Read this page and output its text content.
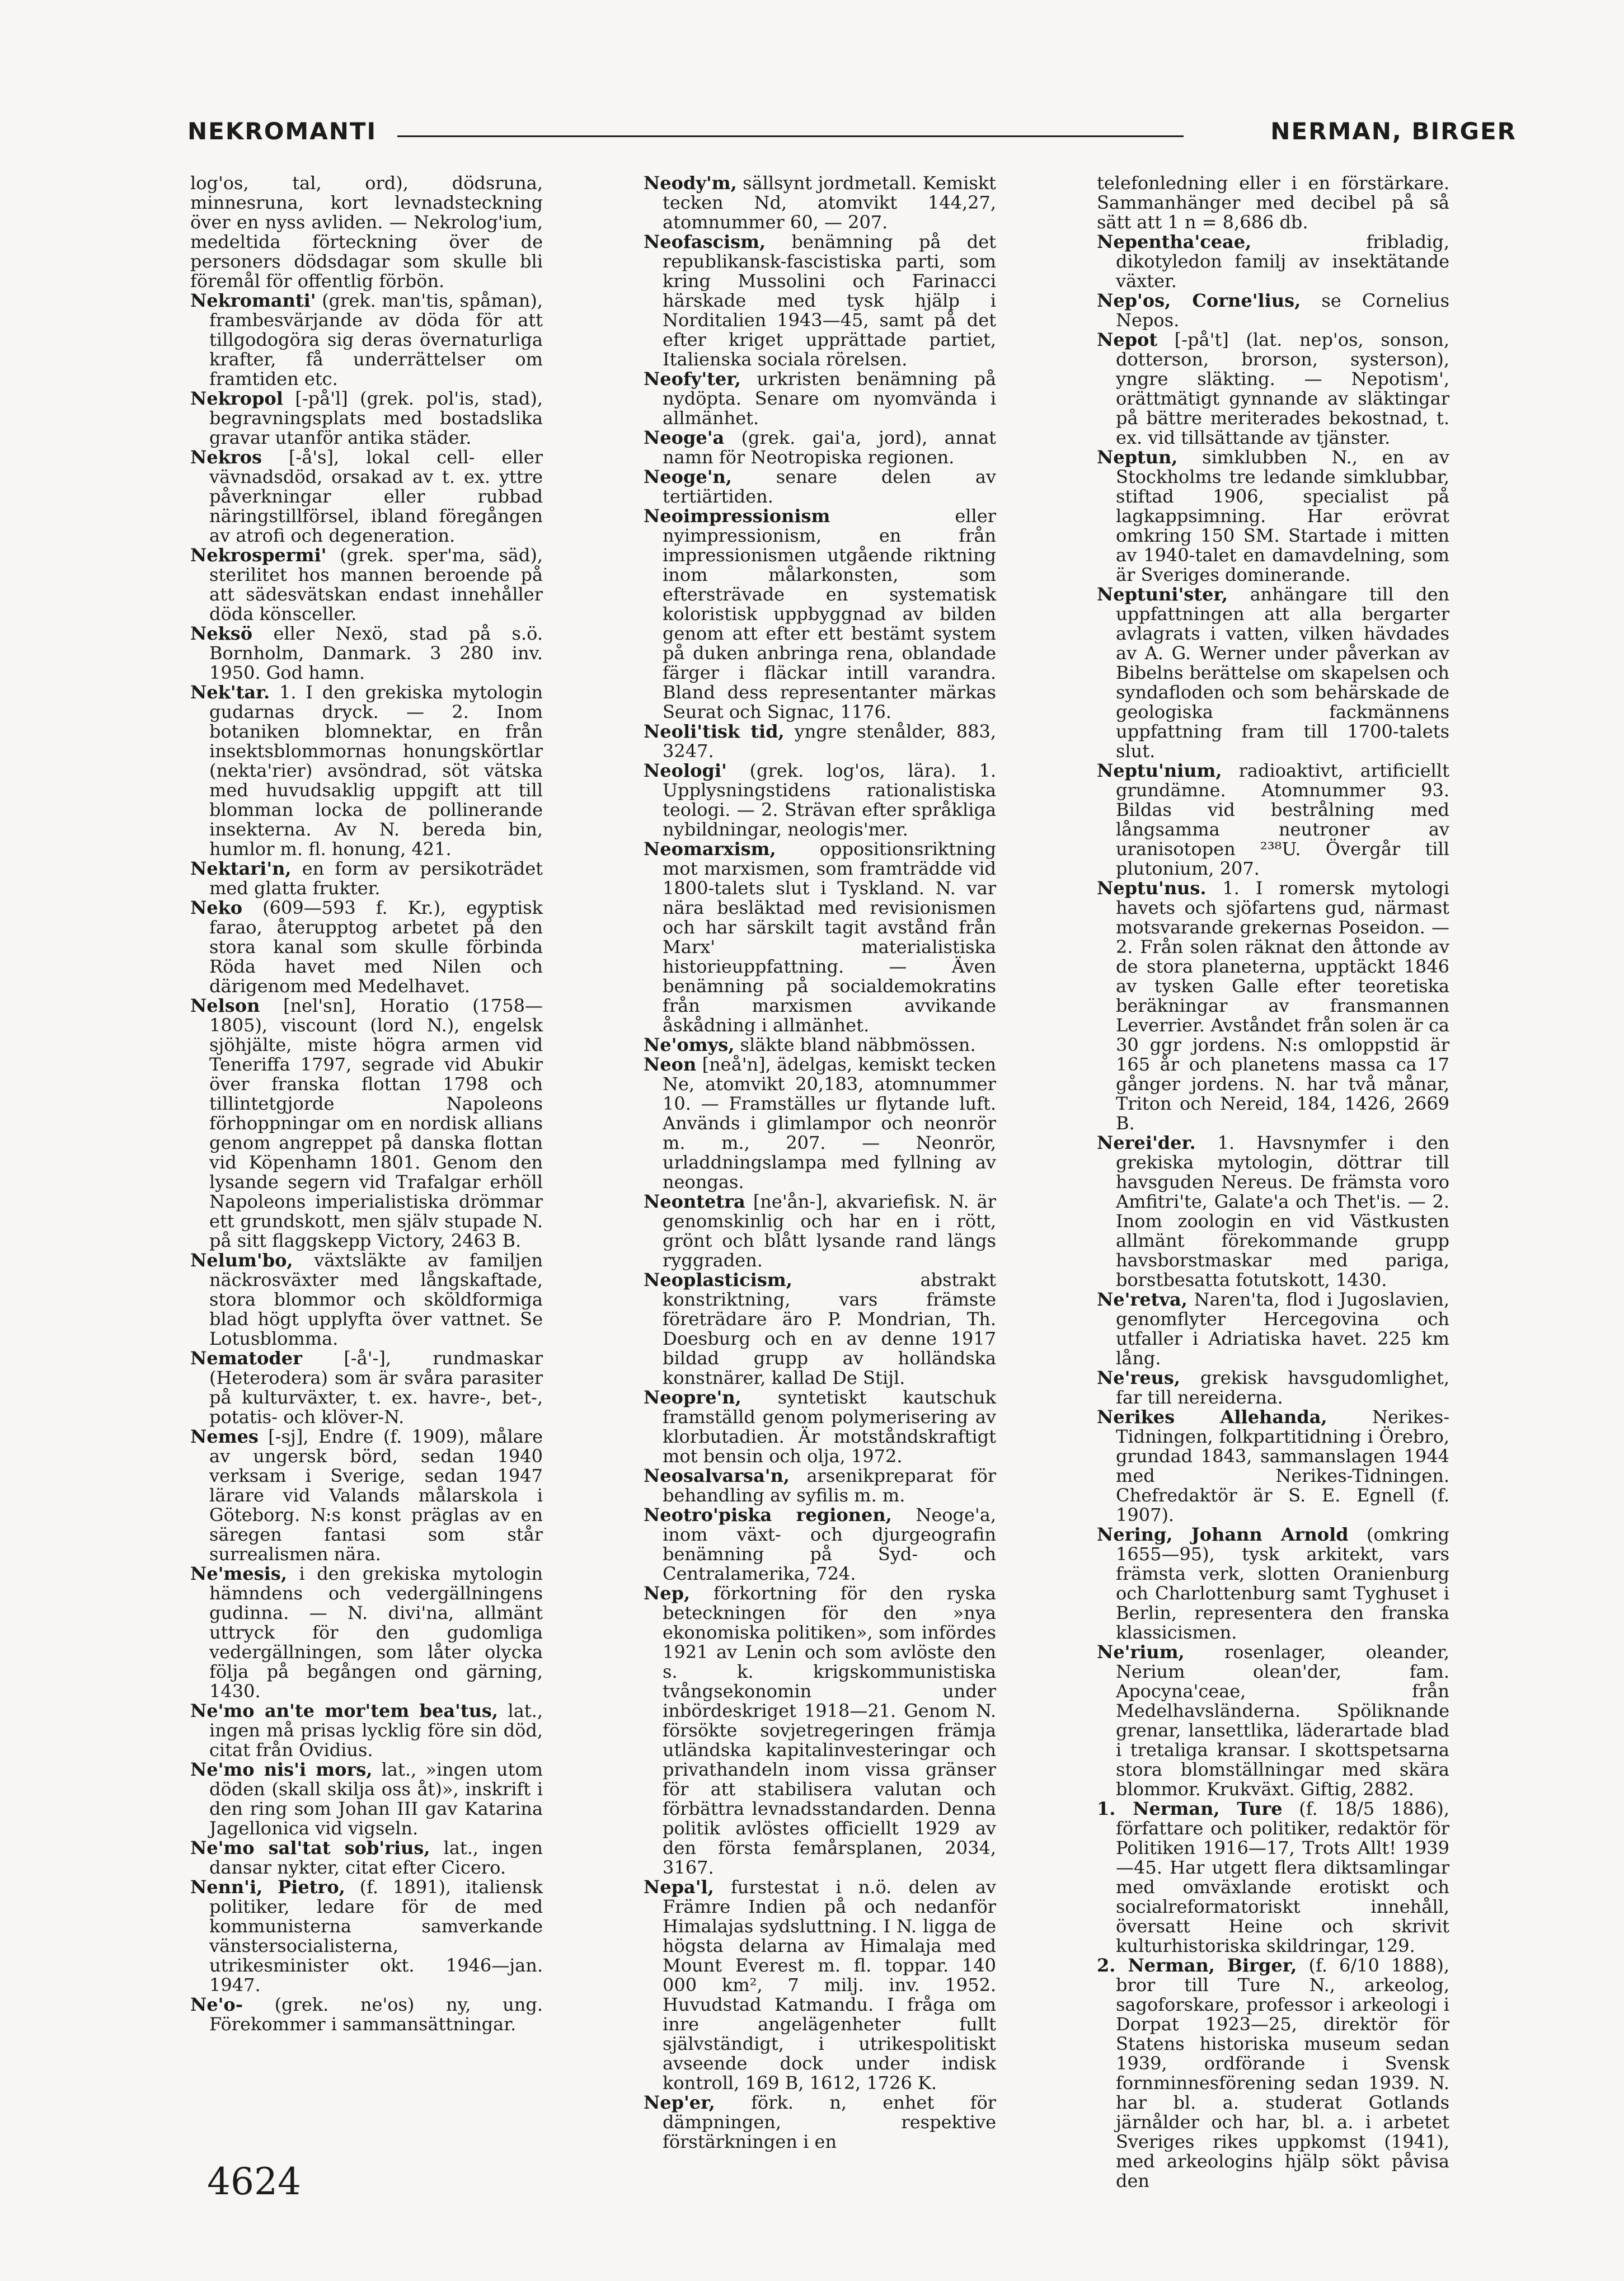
NEKROMANTI	NERMAN, BIRGER
log'os, tal, ord), dödsruna, minnesruna, kort levnadsteckning över en nyss avliden. — Nekrolog'ium, medeltida förteckning över de personers dödsdagar som skulle bli föremål för offentlig förbön.
Nekromanti' (grek. man'tis, spåman), frambesvärjande av döda för att tillgodogöra sig deras övernaturliga krafter, få underrättelser om framtiden etc.
Nekropol [-på'l] (grek. pol'is, stad), begravningsplats med bostadslika gravar utanför antika städer.
Nekros [-å's], lokal cell- eller vävnadsdöd, orsakad av t. ex. yttre påverkningar eller rubbad näringstillförsel, ibland föregången av atrofi och degeneration.
Nekrospermi' (grek. sper'ma, säd), sterilitet hos mannen beroende på att sädesvätskan endast innehåller döda könsceller.
Neksö eller Nexö, stad på s.ö. Bornholm, Danmark. 3 280 inv. 1950. God hamn.
Nek'tar. 1. I den grekiska mytologin gudarnas dryck. — 2. Inom botaniken blomnektar, en från insektsblommornas honungskörtlar (nekta'rier) avsöndrad, söt vätska med huvudsaklig uppgift att till blomman locka de pollinerande insekterna. Av N. bereda bin, humlor m. fl. honung, 421.
Nektari'n, en form av persikoträdet med glatta frukter.
Neko (609—593 f. Kr.), egyptisk farao, återupptog arbetet på den stora kanal som skulle förbinda Röda havet med Nilen och därigenom med Medelhavet.
Nelson [nel'sn], Horatio (1758—1805), viscount (lord N.), engelsk sjöhjälte, miste högra armen vid Teneriffa 1797, segrade vid Abukir över franska flottan 1798 och tillintetgjorde Napoleons förhoppningar om en nordisk allians genom angreppet på danska flottan vid Köpenhamn 1801. Genom den lysande segern vid Trafalgar erhöll Napoleons imperialistiska drömmar ett grundskott, men själv stupade N. på sitt flaggskepp Victory, 2463 B.
Nelum'bo, växtsläkte av familjen näckrosväxter med långskaftade, stora blommor och sköldformiga blad högt upplyfta över vattnet. Se Lotusblomma.
Nematoder [-å'-], rundmaskar (Heterodera) som är svåra parasiter på kulturväxter, t. ex. havre-, bet-, potatis- och klöver-N.
Nemes [-sj], Endre (f. 1909), målare av ungersk börd, sedan 1940 verksam i Sverige, sedan 1947 lärare vid Valands målarskola i Göteborg. N:s konst präglas av en säregen fantasi som står surrealismen nära.
Ne'mesis, i den grekiska mytologin hämndens och vedergällningens gudinna. — N. divi'na, allmänt uttryck för den gudomliga vedergällningen, som låter olycka följa på begången ond gärning, 1430.
Ne'mo an'te mor'tem bea'tus, lat., ingen må prisas lycklig före sin död, citat från Ovidius.
Ne'mo nis'i mors, lat., »ingen utom döden (skall skilja oss åt)», inskrift i den ring som Johan III gav Katarina Jagellonica vid vigseln.
Ne'mo sal'tat sob'rius, lat., ingen dansar nykter, citat efter Cicero.
Nenn'i, Pietro, (f. 1891), italiensk politiker, ledare för de med kommunisterna samverkande vänstersocialisterna, utrikesminister okt. 1946—jan. 1947.
Ne'o- (grek. ne'os) ny, ung. Förekommer i sammansättningar.
Neody'm, sällsynt jordmetall. Kemiskt tecken Nd, atomvikt 144,27, atomnummer 60, — 207.
Neofascism, benämning på det republikansk-fascistiska parti, som kring Mussolini och Farinacci härskade med tysk hjälp i Norditalien 1943—45, samt på det efter kriget upprättade partiet, Italienska sociala rörelsen.
Neofy'ter, urkristen benämning på nydöpta. Senare om nyomvända i allmänhet.
Neoge'a (grek. gai'a, jord), annat namn för Neotropiska regionen.
Neoge'n, senare delen av tertiärtiden.
Neoimpressionism eller nyimpressionism, en från impressionismen utgående riktning inom målarkonsten, som eftersträvade en systematisk koloristisk uppbyggnad av bilden genom att efter ett bestämt system på duken anbringa rena, oblandade färger i fläckar intill varandra. Bland dess representanter märkas Seurat och Signac, 1176.
Neoli'tisk tid, yngre stenålder, 883, 3247.
Neologi' (grek. log'os, lära). 1. Upplysningstidens rationalistiska teologi. — 2. Strävan efter språkliga nybildningar, neologis'mer.
Neomarxism, oppositionsriktning mot marxismen, som framträdde vid 1800-talets slut i Tyskland. N. var nära besläktad med revisionismen och har särskilt tagit avstånd från Marx' materialistiska historieuppfattning. — Även benämning på socialdemokratins från marxismen avvikande åskådning i allmänhet.
Ne'omys, släkte bland näbbmössen.
Neon [neå'n], ädelgas, kemiskt tecken Ne, atomvikt 20,183, atomnummer 10. — Framställes ur flytande luft. Används i glimlampor och neonrör m. m., 207. — Neonrör, urladdningslampa med fyllning av neongas.
Neontetra [ne'ån-], akvariefisk. N. är genomskinlig och har en i rött, grönt och blått lysande rand längs ryggraden.
Neoplasticism, abstrakt konstriktning, vars främste företrädare äro P. Mondrian, Th. Doesburg och en av denne 1917 bildad grupp av holländska konstnärer, kallad De Stijl.
Neopre'n, syntetiskt kautschuk framställd genom polymerisering av klorbutadien. Är motståndskraftigt mot bensin och olja, 1972.
Neosalvarsa'n, arsenikpreparat för behandling av syfilis m. m.
Neotro'piska regionen, Neoge'a, inom växt- och djurgeografin benämning på Syd- och Centralamerika, 724.
Nep, förkortning för den ryska beteckningen för den »nya ekonomiska politiken», som infördes 1921 av Lenin och som avlöste den s. k. krigskommunistiska tvångsekonomin under inbördeskriget 1918—21. Genom N. försökte sovjetregeringen främja utländska kapitalinvesteringar och privathandeln inom vissa gränser för att stabilisera valutan och förbättra levnadsstandarden. Denna politik avlöstes officiellt 1929 av den första femårsplanen, 2034, 3167.
Nepa'l, furstestat i n.ö. delen av Främre Indien på och nedanför Himalajas sydsluttning. I N. ligga de högsta delarna av Himalaja med Mount Everest m. fl. toppar. 140 000 km², 7 milj. inv. 1952. Huvudstad Katmandu. I fråga om inre angelägenheter fullt självständigt, i utrikespolitiskt avseende dock under indisk kontroll, 169 B, 1612, 1726 K.
Nep'er, förk. n, enhet för dämpningen, respektive förstärkningen i en
telefonledning eller i en förstärkare. Sammanhänger med decibel på så sätt att 1 n = 8,686 db.
Nepentha'ceae, fribladig, dikotyledon familj av insektätande växter.
Nep'os, Corne'lius, se Cornelius Nepos.
Nepot [-på't] (lat. nep'os, sonson, dotterson, brorson, systerson), yngre släkting. — Nepotism', orättmätigt gynnande av släktingar på bättre meriterades bekostnad, t. ex. vid tillsättande av tjänster.
Neptun, simklubben N., en av Stockholms tre ledande simklubbar, stiftad 1906, specialist på lagkappsimning. Har erövrat omkring 150 SM. Startade i mitten av 1940-talet en damavdelning, som är Sveriges dominerande.
Neptuni'ster, anhängare till den uppfattningen att alla bergarter avlagrats i vatten, vilken hävdades av A. G. Werner under påverkan av Bibelns berättelse om skapelsen och syndafloden och som behärskade de geologiska fackmännens uppfattning fram till 1700-talets slut.
Neptu'nium, radioaktivt, artificiellt grundämne. Atomnummer 93. Bildas vid bestrålning med långsamma neutroner av uranisotopen ²³⁸U. Övergår till plutonium, 207.
Neptu'nus. 1. I romersk mytologi havets och sjöfartens gud, närmast motsvarande grekernas Poseidon. — 2. Från solen räknat den åttonde av de stora planeterna, upptäckt 1846 av tysken Galle efter teoretiska beräkningar av fransmannen Leverrier. Avståndet från solen är ca 30 ggr jordens. N:s omloppstid är 165 år och planetens massa ca 17 gånger jordens. N. har två månar, Triton och Nereid, 184, 1426, 2669 B.
Nerei'der. 1. Havsnymfer i den grekiska mytologin, döttrar till havsguden Nereus. De främsta voro Amfitri'te, Galate'a och Thet'is. — 2. Inom zoologin en vid Västkusten allmänt förekommande grupp havsborstmaskar med pariga, borstbesatta fotutskott, 1430.
Ne'retva, Naren'ta, flod i Jugoslavien, genomflyter Hercegovina och utfaller i Adriatiska havet. 225 km lång.
Ne'reus, grekisk havsgudomlighet, far till nereiderna.
Nerikes Allehanda, Nerikes-Tidningen, folkpartitidning i Örebro, grundad 1843, sammanslagen 1944 med Nerikes-Tidningen. Chefredaktör är S. E. Egnell (f. 1907).
Nering, Johann Arnold (omkring 1655—95), tysk arkitekt, vars främsta verk, slotten Oranienburg och Charlottenburg samt Tyghuset i Berlin, representera den franska klassicismen.
Ne'rium, rosenlager, oleander, Nerium olean'der, fam. Apocyna'ceae, från Medelhavsländerna. Spöliknande grenar, lansettlika, läderartade blad i tretaliga kransar. I skottspetsarna stora blomställningar med skära blommor. Krukväxt. Giftig, 2882.
1. Nerman, Ture (f. 18/5 1886), författare och politiker, redaktör för Politiken 1916—17, Trots Allt! 1939—45. Har utgett flera diktsamlingar med omväxlande erotiskt och socialreformatoriskt innehåll, översatt Heine och skrivit kulturhistoriska skildringar, 129.
2. Nerman, Birger, (f. 6/10 1888), bror till Ture N., arkeolog, sagoforskare, professor i arkeologi i Dorpat 1923—25, direktör för Statens historiska museum sedan 1939, ordförande i Svensk fornminnesförening sedan 1939. N. har bl. a. studerat Gotlands järnålder och har, bl. a. i arbetet Sveriges rikes uppkomst (1941), med arkeologins hjälp sökt påvisa den
4624
